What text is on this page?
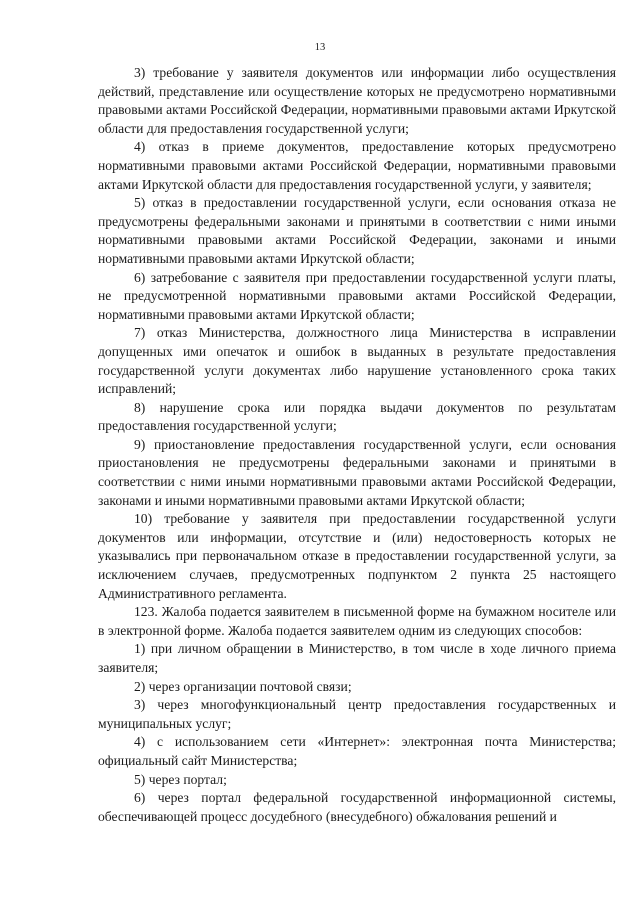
13

3) требование у заявителя документов или информации либо осуществления действий, представление или осуществление которых не предусмотрено нормативными правовыми актами Российской Федерации, нормативными правовыми актами Иркутской области для предоставления государственной услуги;

4) отказ в приеме документов, предоставление которых предусмотрено нормативными правовыми актами Российской Федерации, нормативными правовыми актами Иркутской области для предоставления государственной услуги, у заявителя;

5) отказ в предоставлении государственной услуги, если основания отказа не предусмотрены федеральными законами и принятыми в соответствии с ними иными нормативными правовыми актами Российской Федерации, законами и иными нормативными правовыми актами Иркутской области;

6) затребование с заявителя при предоставлении государственной услуги платы, не предусмотренной нормативными правовыми актами Российской Федерации, нормативными правовыми актами Иркутской области;

7) отказ Министерства, должностного лица Министерства в исправлении допущенных ими опечаток и ошибок в выданных в результате предоставления государственной услуги документах либо нарушение установленного срока таких исправлений;

8) нарушение срока или порядка выдачи документов по результатам предоставления государственной услуги;

9) приостановление предоставления государственной услуги, если основания приостановления не предусмотрены федеральными законами и принятыми в соответствии с ними иными нормативными правовыми актами Российской Федерации, законами и иными нормативными правовыми актами Иркутской области;

10) требование у заявителя при предоставлении государственной услуги документов или информации, отсутствие и (или) недостоверность которых не указывались при первоначальном отказе в предоставлении государственной услуги, за исключением случаев, предусмотренных подпунктом 2 пункта 25 настоящего Административного регламента.

123. Жалоба подается заявителем в письменной форме на бумажном носителе или в электронной форме. Жалоба подается заявителем одним из следующих способов:

1) при личном обращении в Министерство, в том числе в ходе личного приема заявителя;

2) через организации почтовой связи;

3) через многофункциональный центр предоставления государственных и муниципальных услуг;

4) с использованием сети «Интернет»: электронная почта Министерства; официальный сайт Министерства;

5) через портал;

6) через портал федеральной государственной информационной системы, обеспечивающей процесс досудебного (внесудебного) обжалования решений и
